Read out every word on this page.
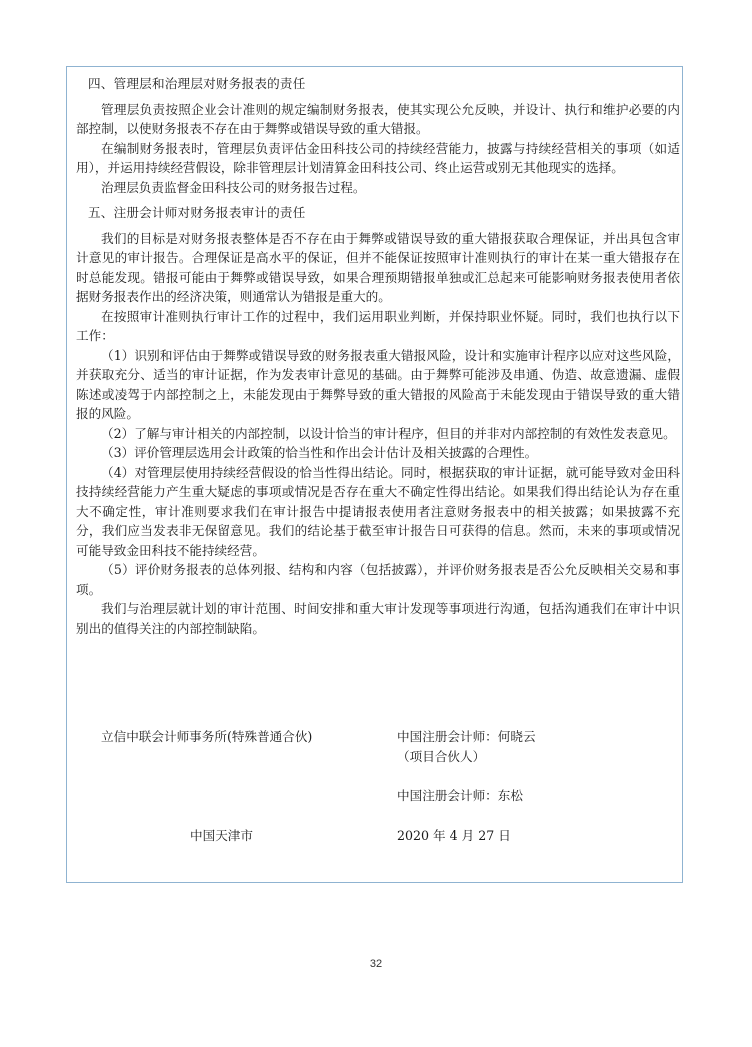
四、管理层和治理层对财务报表的责任

管理层负责按照企业会计准则的规定编制财务报表，使其实现公允反映，并设计、执行和维护必要的内部控制，以使财务报表不存在由于舞弊或错误导致的重大错报。

在编制财务报表时，管理层负责评估金田科技公司的持续经营能力，披露与持续经营相关的事项（如适用），并运用持续经营假设，除非管理层计划清算金田科技公司、终止运营或别无其他现实的选择。

治理层负责监督金田科技公司的财务报告过程。

五、注册会计师对财务报表审计的责任

我们的目标是对财务报表整体是否不存在由于舞弊或错误导致的重大错报获取合理保证，并出具包含审计意见的审计报告。合理保证是高水平的保证，但并不能保证按照审计准则执行的审计在某一重大错报存在时总能发现。错报可能由于舞弊或错误导致，如果合理预期错报单独或汇总起来可能影响财务报表使用者依据财务报表作出的经济决策，则通常认为错报是重大的。

在按照审计准则执行审计工作的过程中，我们运用职业判断，并保持职业怀疑。同时，我们也执行以下工作：

（1）识别和评估由于舞弊或错误导致的财务报表重大错报风险，设计和实施审计程序以应对这些风险，并获取充分、适当的审计证据，作为发表审计意见的基础。由于舞弊可能涉及串通、伪造、故意遗漏、虚假陈述或凌驾于内部控制之上，未能发现由于舞弊导致的重大错报的风险高于未能发现由于错误导致的重大错报的风险。

（2）了解与审计相关的内部控制，以设计恰当的审计程序，但目的并非对内部控制的有效性发表意见。

（3）评价管理层选用会计政策的恰当性和作出会计估计及相关披露的合理性。

（4）对管理层使用持续经营假设的恰当性得出结论。同时，根据获取的审计证据，就可能导致对金田科技持续经营能力产生重大疑虑的事项或情况是否存在重大不确定性得出结论。如果我们得出结论认为存在重大不确定性，审计准则要求我们在审计报告中提请报表使用者注意财务报表中的相关披露；如果披露不充分，我们应当发表非无保留意见。我们的结论基于截至审计报告日可获得的信息。然而，未来的事项或情况可能导致金田科技不能持续经营。

（5）评价财务报表的总体列报、结构和内容（包括披露），并评价财务报表是否公允反映相关交易和事项。

我们与治理层就计划的审计范围、时间安排和重大审计发现等事项进行沟通，包括沟通我们在审计中识别出的值得关注的内部控制缺陷。

立信中联会计师事务所(特殊普通合伙)	中国注册会计师：何晓云
（项目合伙人）
中国注册会计师：东松
中国天津市	2020 年 4 月 27 日
32
